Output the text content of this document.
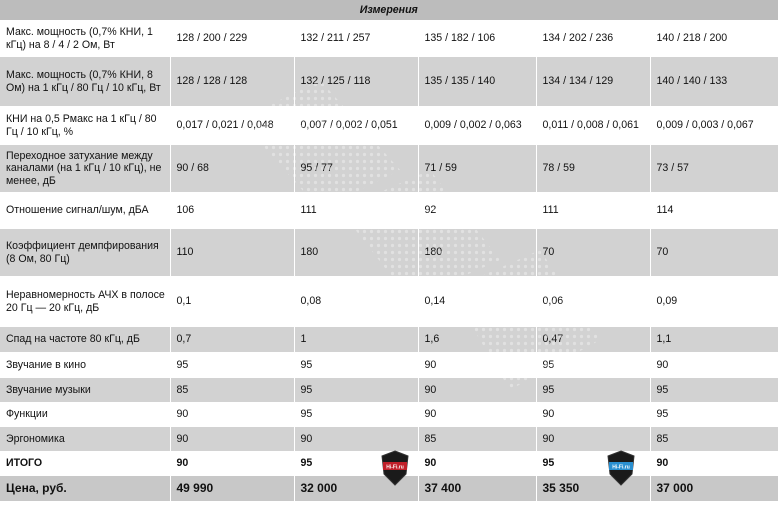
Измерения					
Макс. мощность (0,7% КНИ, 1 кГц) на 8 / 4 / 2 Ом, Вт	128 / 200 / 229	132 / 211 / 257	135 / 182 / 106	134 / 202 / 236	140 / 218 / 200
Макс. мощность (0,7% КНИ, 8 Ом) на 1 кГц / 80 Гц / 10 кГц, Вт	128 / 128 / 128	132 / 125 / 118	135 / 135 / 140	134 / 134 / 129	140 / 140 / 133
КНИ на 0,5 Рмакс на 1 кГц / 80 Гц / 10 кГц, %	0,017 / 0,021 / 0,048	0,007 / 0,002 / 0,051	0,009 / 0,002 / 0,063	0,011 / 0,008 / 0,061	0,009 / 0,003 / 0,067
Переходное затухание между каналами (на 1 кГц / 10 кГц), не менее, дБ	90 / 68	95 / 77	71 / 59	78 / 59	73 / 57
Отношение сигнал/шум, дБА	106	111	92	111	114
Коэффициент демпфирования (8 Ом, 80 Гц)	110	180	180	70	70
Неравномерность АЧХ в полосе 20 Гц — 20 кГц, дБ	0,1	0,08	0,14	0,06	0,09
Спад на частоте 80 кГц, дБ	0,7	1	1,6	0,47	1,1
Звучание в кино	95	95	90	95	90
Звучание музыки	85	95	90	95	95
Функции	90	95	90	90	95
Эргономика	90	90	85	90	85
ИТОГО	90	95	90	95	90
Цена, руб.	49 990	32 000	37 400	35 350	37 000
Hi-Fi.ru	Hi-Fi.ru
